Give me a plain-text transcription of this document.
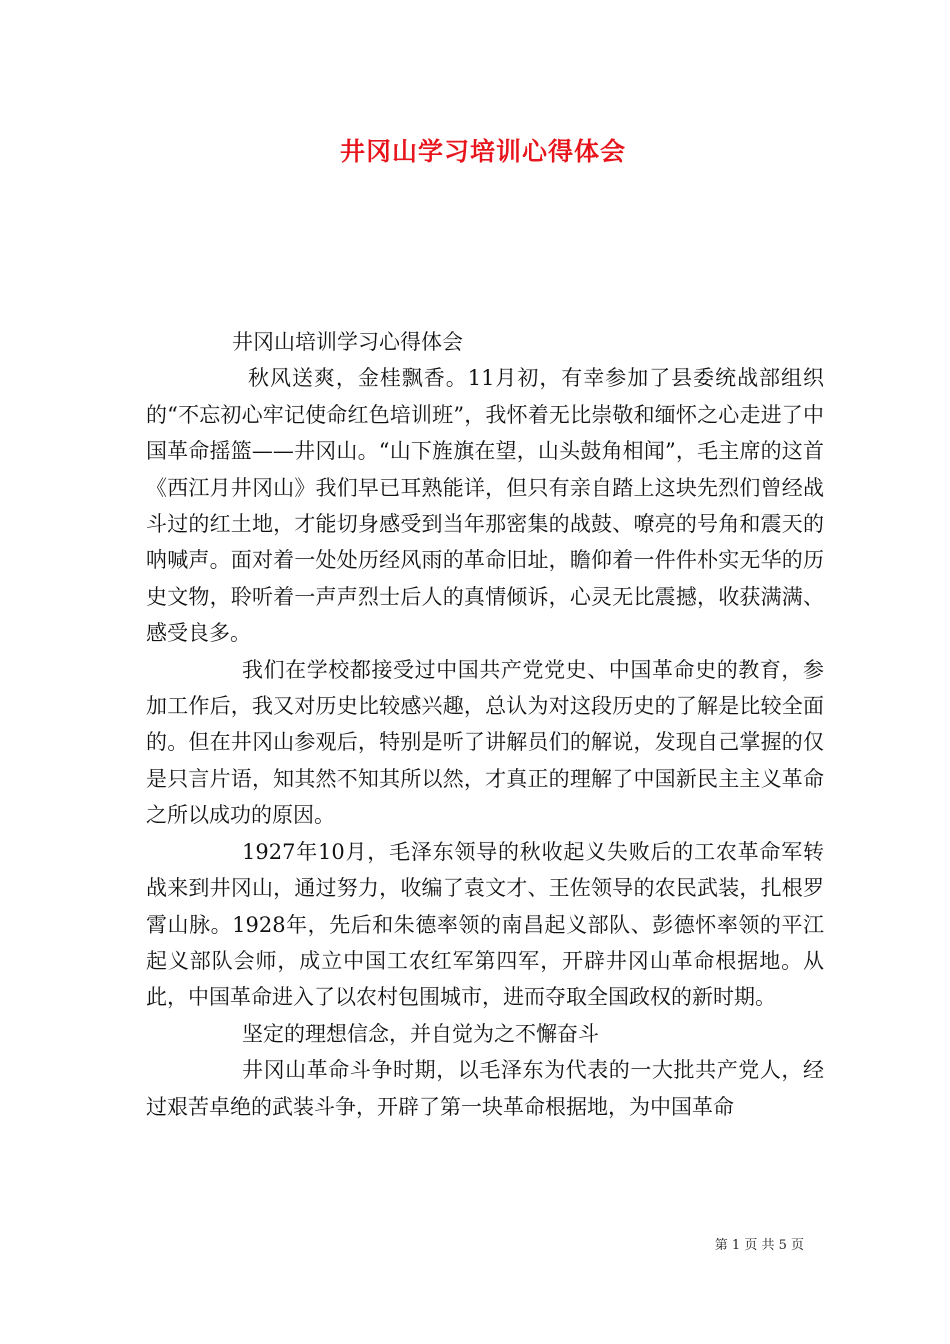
井冈山学习培训心得体会

井冈山培训学习心得体会

秋风送爽，金桂飘香。11月初，有幸参加了县委统战部组织的“不忘初心牢记使命红色培训班”，我怀着无比崇敬和缅怀之心走进了中国革命摇篮——井冈山。“山下旌旗在望，山头鼓角相闻”，毛主席的这首《西江月井冈山》我们早已耳熟能详，但只有亲自踏上这块先烈们曾经战斗过的红土地，才能切身感受到当年那密集的战鼓、嘹亮的号角和震天的呐喊声。面对着一处处历经风雨的革命旧址，瞻仰着一件件朴实无华的历史文物，聆听着一声声烈士后人的真情倾诉，心灵无比震撼，收获满满、感受良多。

我们在学校都接受过中国共产党党史、中国革命史的教育，参加工作后，我又对历史比较感兴趣，总认为对这段历史的了解是比较全面的。但在井冈山参观后，特别是听了讲解员们的解说，发现自己掌握的仅是只言片语，知其然不知其所以然，才真正的理解了中国新民主主义革命之所以成功的原因。

1927年10月，毛泽东领导的秋收起义失败后的工农革命军转战来到井冈山，通过努力，收编了袁文才、王佐领导的农民武装，扎根罗霄山脉。1928年，先后和朱德率领的南昌起义部队、彭德怀率领的平江起义部队会师，成立中国工农红军第四军，开辟井冈山革命根据地。从此，中国革命进入了以农村包围城市，进而夺取全国政权的新时期。

坚定的理想信念，并自觉为之不懈奋斗

井冈山革命斗争时期，以毛泽东为代表的一大批共产党人，经过艰苦卓绝的武装斗争，开辟了第一块革命根据地，为中国革命

第 1 页 共 5 页
